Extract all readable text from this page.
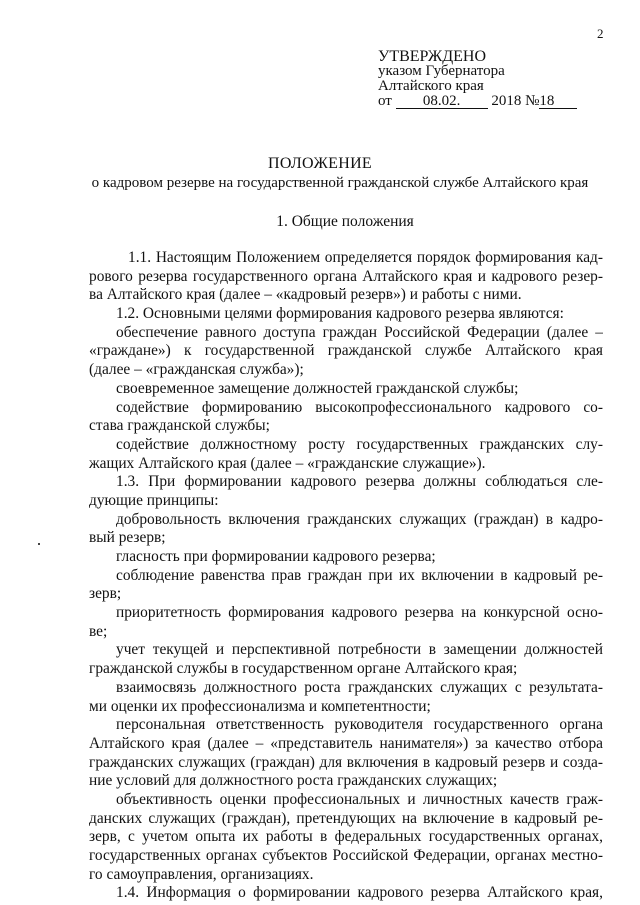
2
УТВЕРЖДЕНО
указом Губернатора
Алтайского края
от 08.02. 2018 №18
ПОЛОЖЕНИЕ
о кадровом резерве на государственной гражданской службе Алтайского края
1. Общие положения
1.1. Настоящим Положением определяется порядок формирования кад-
рового резерва государственного органа Алтайского края и кадрового резер-
ва Алтайского края (далее – «кадровый резерв») и работы с ними.
1.2. Основными целями формирования кадрового резерва являются:
обеспечение равного доступа граждан Российской Федерации (далее –
«граждане») к государственной гражданской службе Алтайского края
(далее – «гражданская служба»);
своевременное замещение должностей гражданской службы;
содействие формированию высокопрофессионального кадрового со-
става гражданской службы;
содействие должностному росту государственных гражданских слу-
жащих Алтайского края (далее – «гражданские служащие»).
1.3. При формировании кадрового резерва должны соблюдаться сле-
дующие принципы:
добровольность включения гражданских служащих (граждан) в кадро-
вый резерв;
гласность при формировании кадрового резерва;
соблюдение равенства прав граждан при их включении в кадровый ре-
зерв;
приоритетность формирования кадрового резерва на конкурсной осно-
ве;
учет текущей и перспективной потребности в замещении должностей
гражданской службы в государственном органе Алтайского края;
взаимосвязь должностного роста гражданских служащих с результата-
ми оценки их профессионализма и компетентности;
персональная ответственность руководителя государственного органа
Алтайского края (далее – «представитель нанимателя») за качество отбора
гражданских служащих (граждан) для включения в кадровый резерв и созда-
ние условий для должностного роста гражданских служащих;
объективность оценки профессиональных и личностных качеств граж-
данских служащих (граждан), претендующих на включение в кадровый ре-
зерв, с учетом опыта их работы в федеральных государственных органах,
государственных органах субъектов Российской Федерации, органах местно-
го самоуправления, организациях.
1.4. Информация о формировании кадрового резерва Алтайского края,
